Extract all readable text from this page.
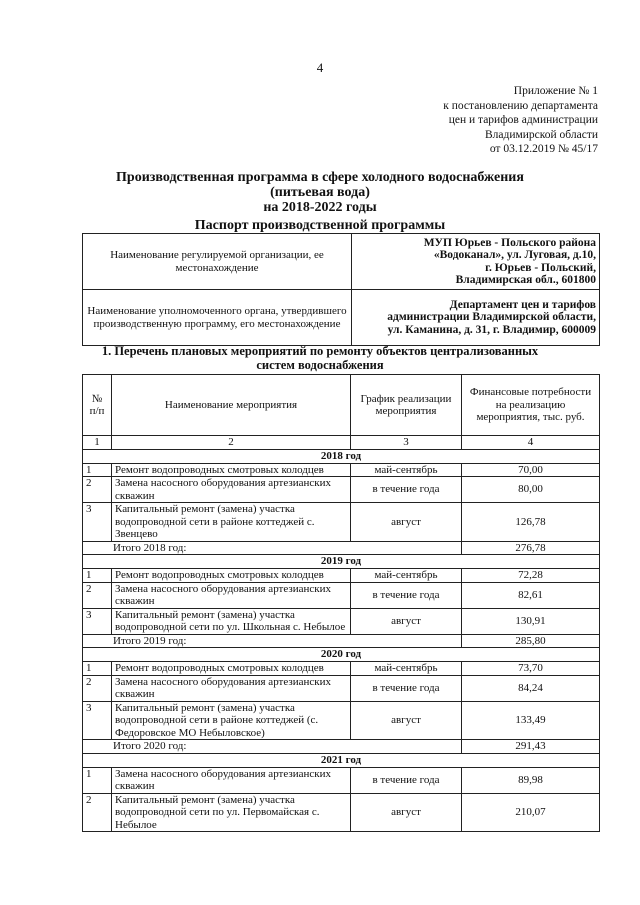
4
Приложение № 1
к постановлению департамента
цен и тарифов администрации
Владимирской области
от 03.12.2019 № 45/17
Производственная программа в сфере холодного водоснабжения
(питьевая вода)
на 2018-2022 годы
Паспорт производственной программы
Наименование регулируемой организации, ее местонахождение	МУП Юрьев - Польского района
«Водоканал», ул. Луговая, д.10,
г. Юрьев - Польский,
Владимирская обл., 601800

Наименование уполномоченного органа, утвердившего производственную программу, его местонахождение	Департамент цен и тарифов
администрации Владимирской области,
ул. Каманина, д. 31, г. Владимир, 600009
1. Перечень плановых мероприятий по ремонту объектов централизованных
систем водоснабжения
№ п/п	Наименование мероприятия	График реализации мероприятия	Финансовые потребности на реализацию мероприятия, тыс. руб.
1	2	3	4
2018 год			
1	Ремонт водопроводных смотровых колодцев	май-сентябрь	70,00
2	Замена насосного оборудования артезианских скважин	в течение года	80,00
3	Капитальный ремонт (замена) участка водопроводной сети в районе коттеджей с. Звенцево	август	126,78
Итого 2018 год:			276,78
2019 год			
1	Ремонт водопроводных смотровых колодцев	май-сентябрь	72,28
2	Замена насосного оборудования артезианских скважин	в течение года	82,61
3	Капитальный ремонт (замена) участка водопроводной сети по ул. Школьная с. Небылое	август	130,91
Итого 2019 год:			285,80
2020 год			
1	Ремонт водопроводных смотровых колодцев	май-сентябрь	73,70
2	Замена насосного оборудования артезианских скважин	в течение года	84,24
3	Капитальный ремонт (замена) участка водопроводной сети в районе коттеджей (с. Федоровское МО Небыловское)	август	133,49
Итого 2020 год:			291,43
2021 год			
1	Замена насосного оборудования артезианских скважин	в течение года	89,98
2	Капитальный ремонт (замена) участка водопроводной сети по ул. Первомайская с. Небылое	август	210,07
